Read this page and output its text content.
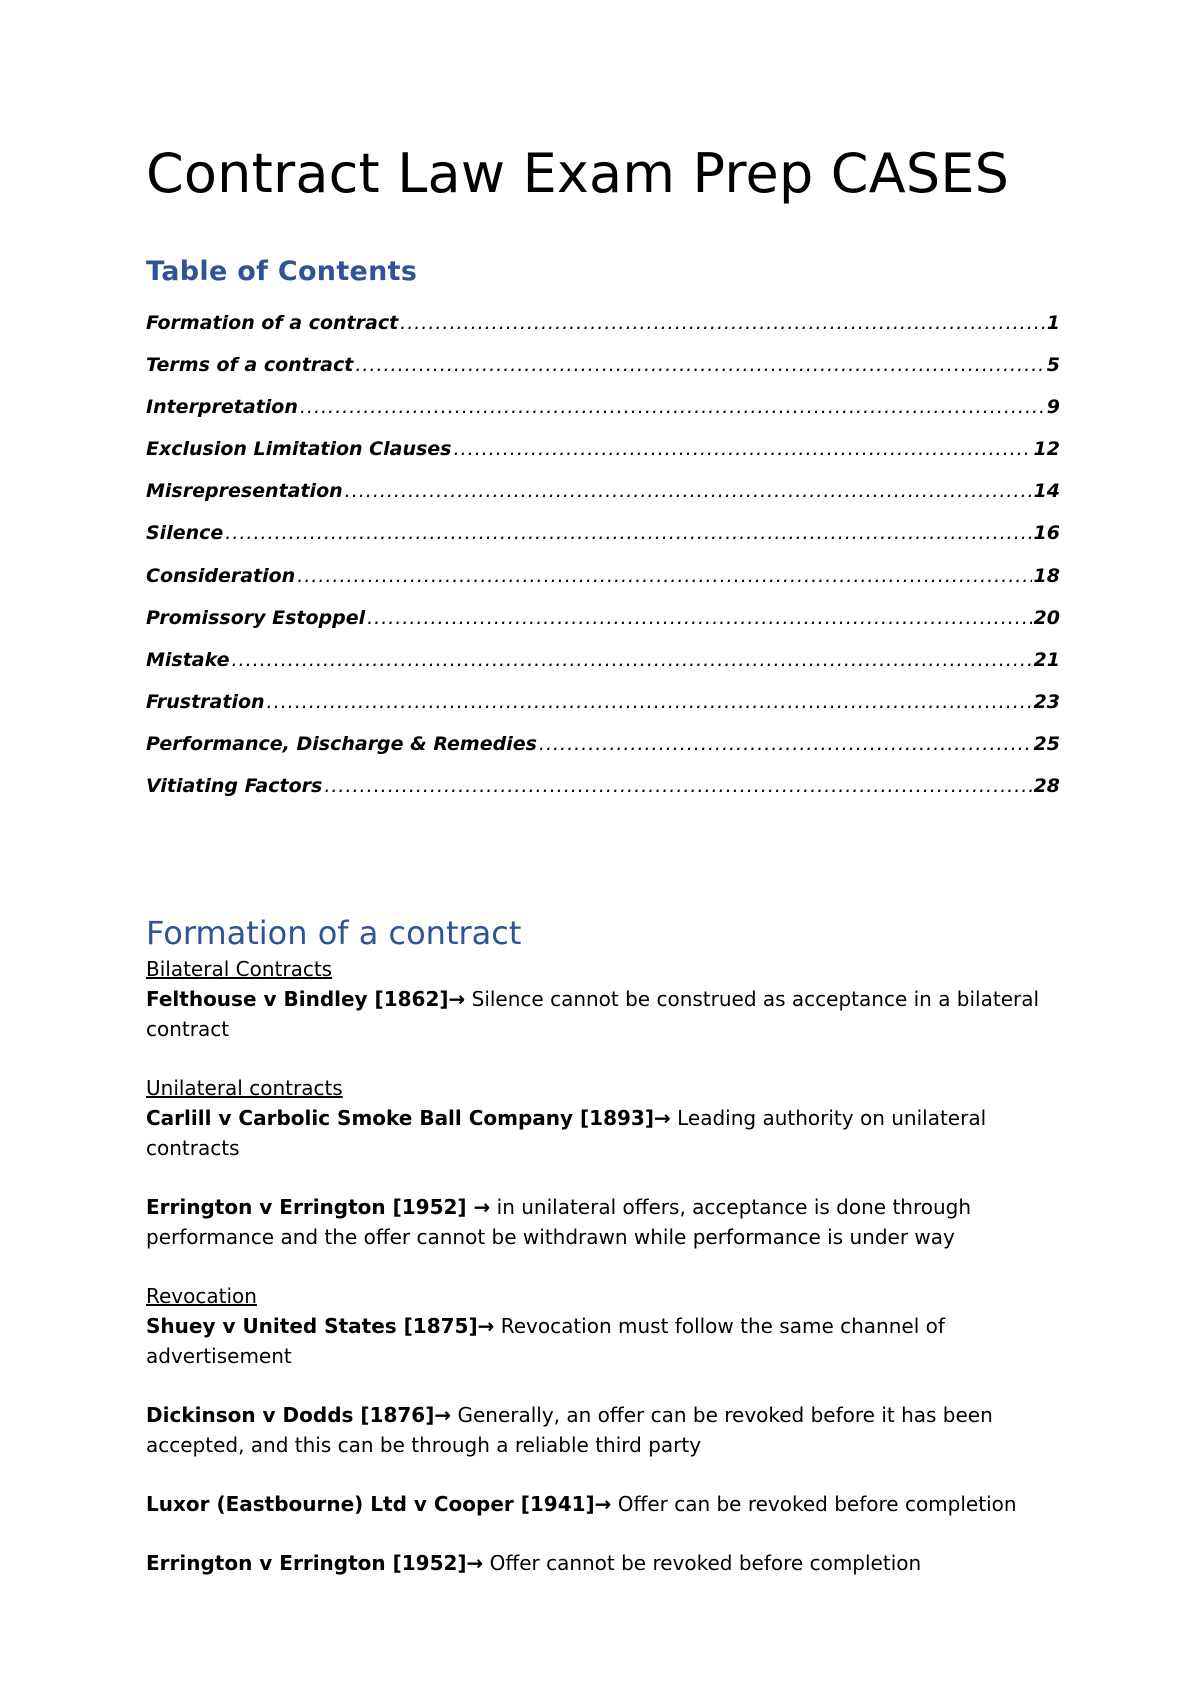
Contract Law Exam Prep CASES
Table of Contents
Formation of a contract .....	1
Terms of a contract .....	5
Interpretation .....	9
Exclusion Limitation Clauses .....	12
Misrepresentation .....	14
Silence .....	16
Consideration .....	18
Promissory Estoppel .....	20
Mistake .....	21
Frustration .....	23
Performance, Discharge & Remedies .....	25
Vitiating Factors .....	28
Formation of a contract

Bilateral Contracts

Felthouse v Bindley [1862]→ Silence cannot be construed as acceptance in a bilateral contract

Unilateral contracts

Carlill v Carbolic Smoke Ball Company [1893]→ Leading authority on unilateral contracts

Errington v Errington [1952] → in unilateral offers, acceptance is done through performance and the offer cannot be withdrawn while performance is under way

Revocation

Shuey v United States [1875]→ Revocation must follow the same channel of advertisement

Dickinson v Dodds [1876]→ Generally, an offer can be revoked before it has been accepted, and this can be through a reliable third party

Luxor (Eastbourne) Ltd v Cooper [1941]→ Offer can be revoked before completion

Errington v Errington [1952]→ Offer cannot be revoked before completion
